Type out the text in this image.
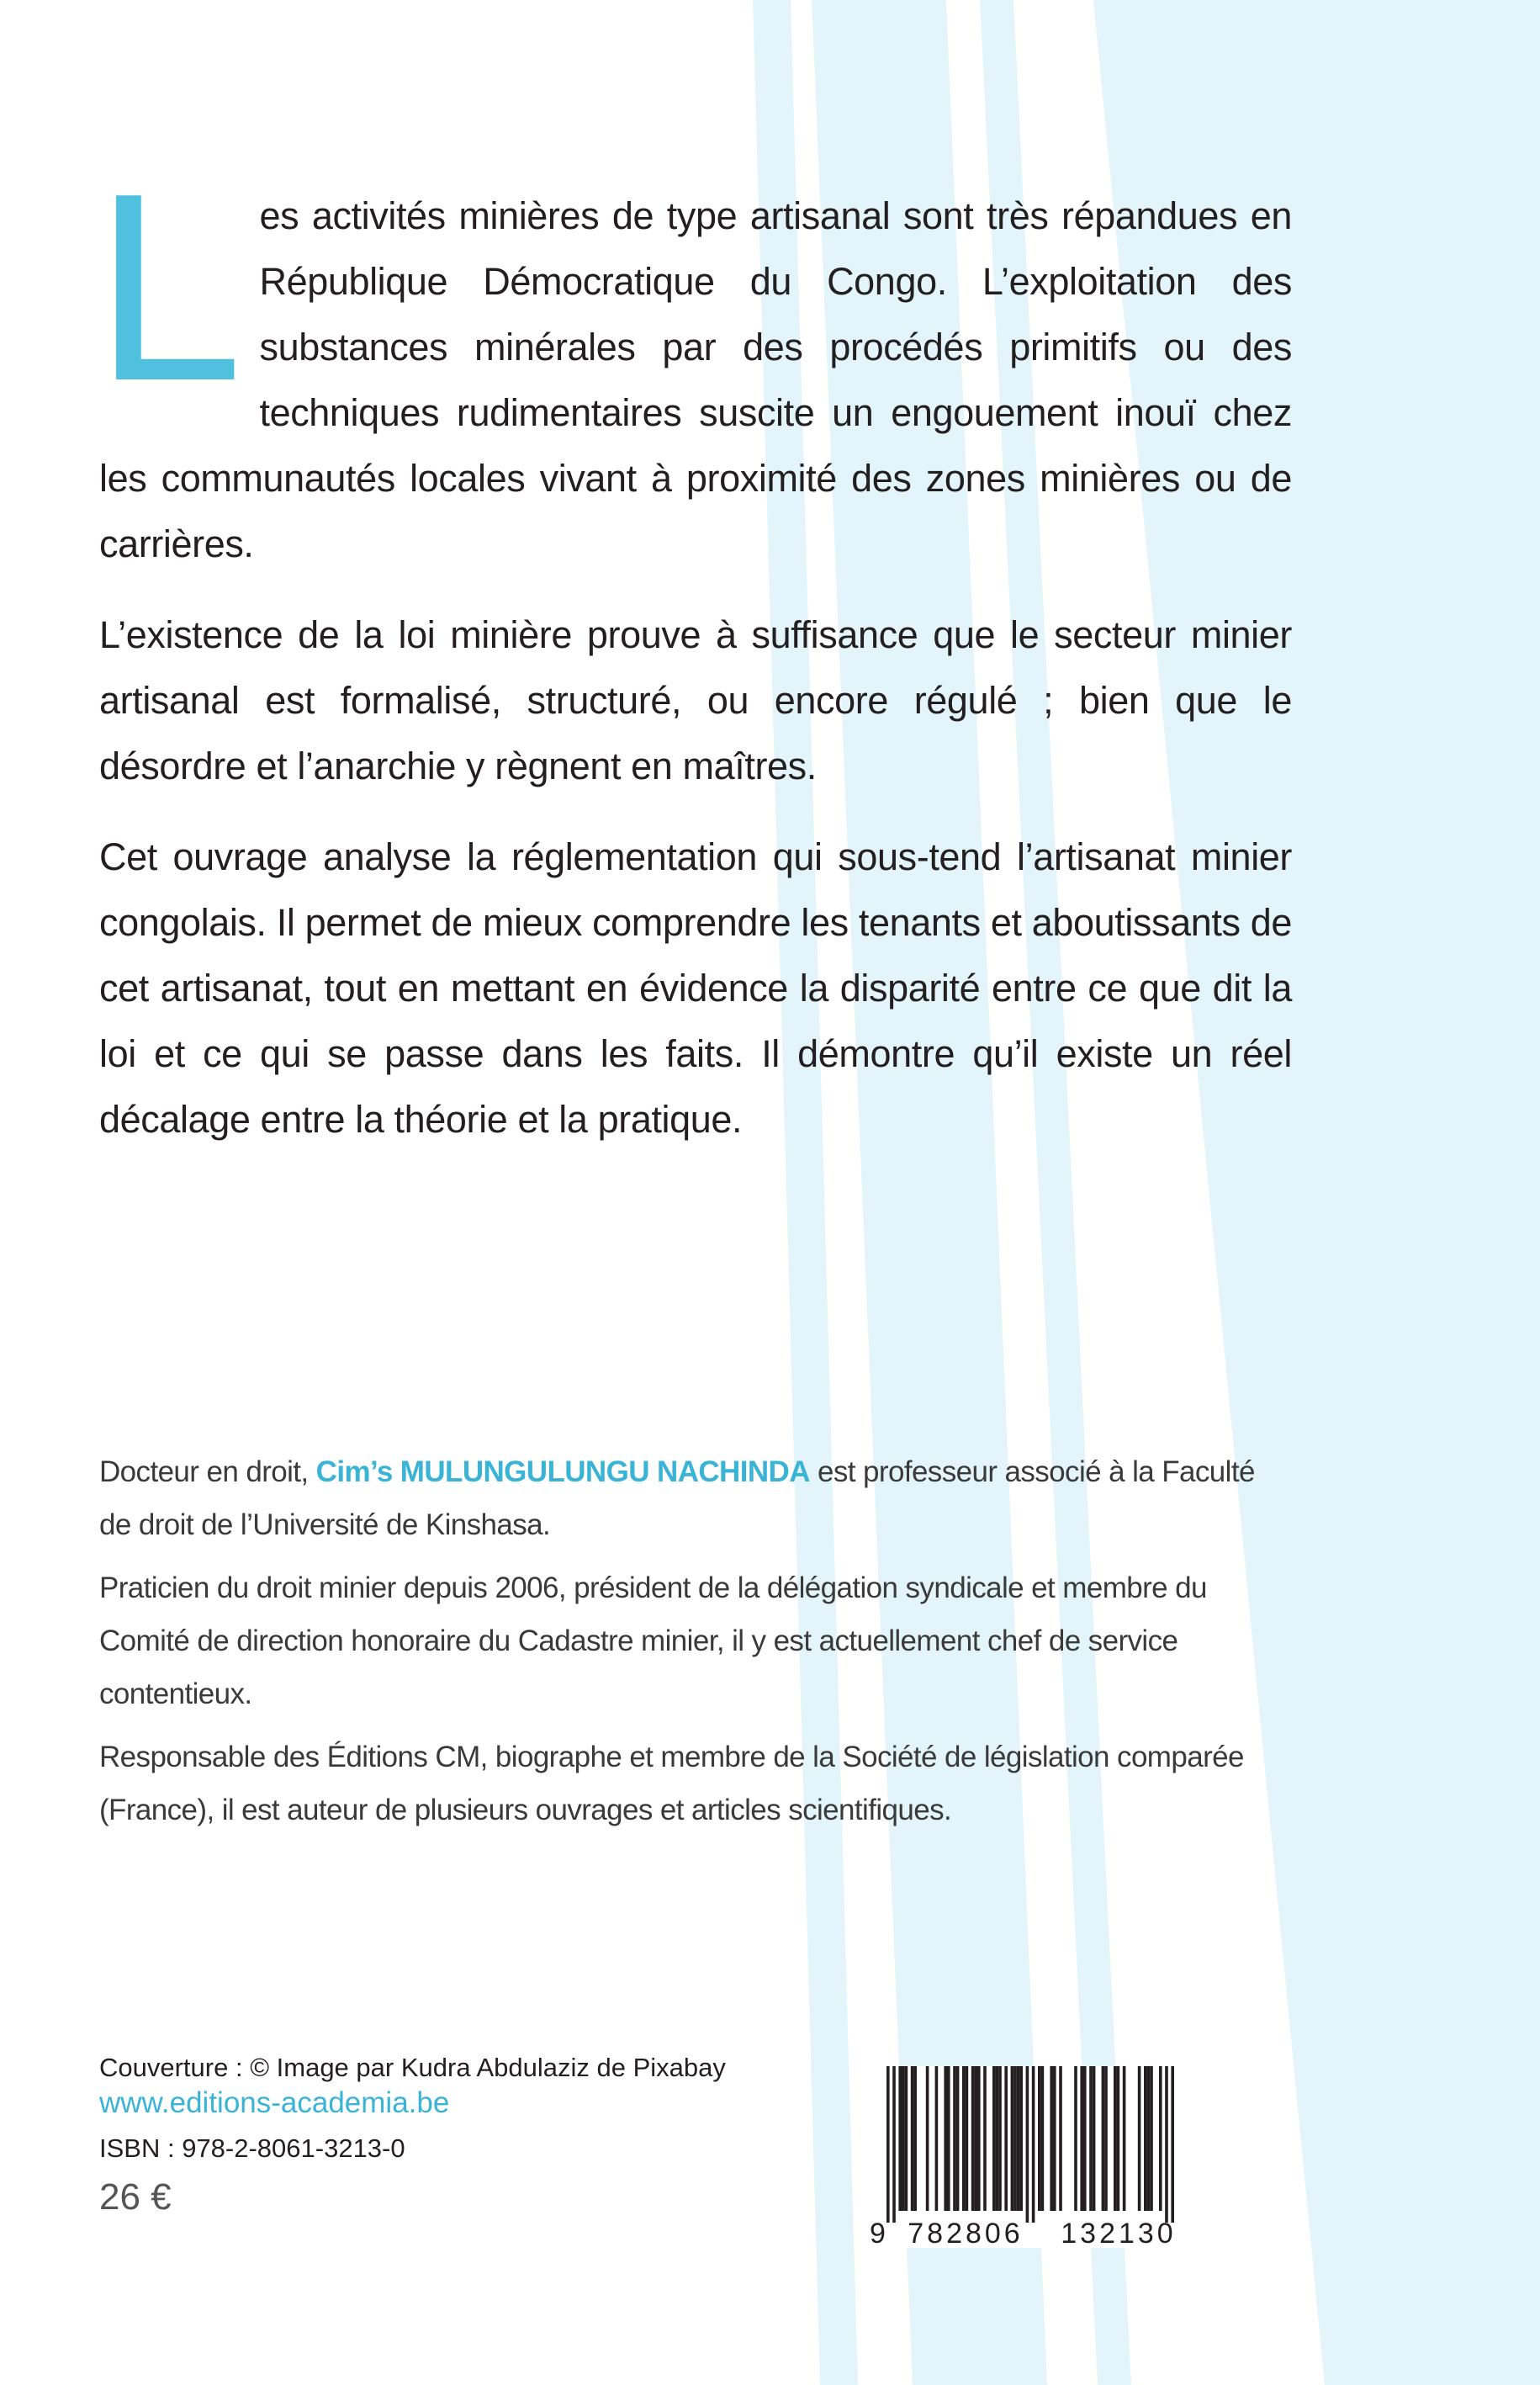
Les activités minières de type artisanal sont très répandues en République Démocratique du Congo. L’exploitation des substances minérales par des procédés primitifs ou des techniques rudimentaires suscite un engouement inouï chez les communautés locales vivant à proximité des zones minières ou de carrières.

L’existence de la loi minière prouve à suffisance que le secteur minier artisanal est formalisé, structuré, ou encore régulé ; bien que le désordre et l’anarchie y règnent en maîtres.

Cet ouvrage analyse la réglementation qui sous-tend l’artisanat minier congolais. Il permet de mieux comprendre les tenants et aboutissants de cet artisanat, tout en mettant en évidence la disparité entre ce que dit la loi et ce qui se passe dans les faits. Il démontre qu’il existe un réel décalage entre la théorie et la pratique.

Docteur en droit, Cim’s MULUNGULUNGU NACHINDA est professeur associé à la Faculté de droit de l’Université de Kinshasa.

Praticien du droit minier depuis 2006, président de la délégation syndicale et membre du Comité de direction honoraire du Cadastre minier, il y est actuellement chef de service contentieux.

Responsable des Éditions CM, biographe et membre de la Société de législation comparée (France), il est auteur de plusieurs ouvrages et articles scientifiques.

Couverture : © Image par Kudra Abdulaziz de Pixabay
www.editions-academia.be
ISBN : 978-2-8061-3213-0
26 €
9 782806 132130
